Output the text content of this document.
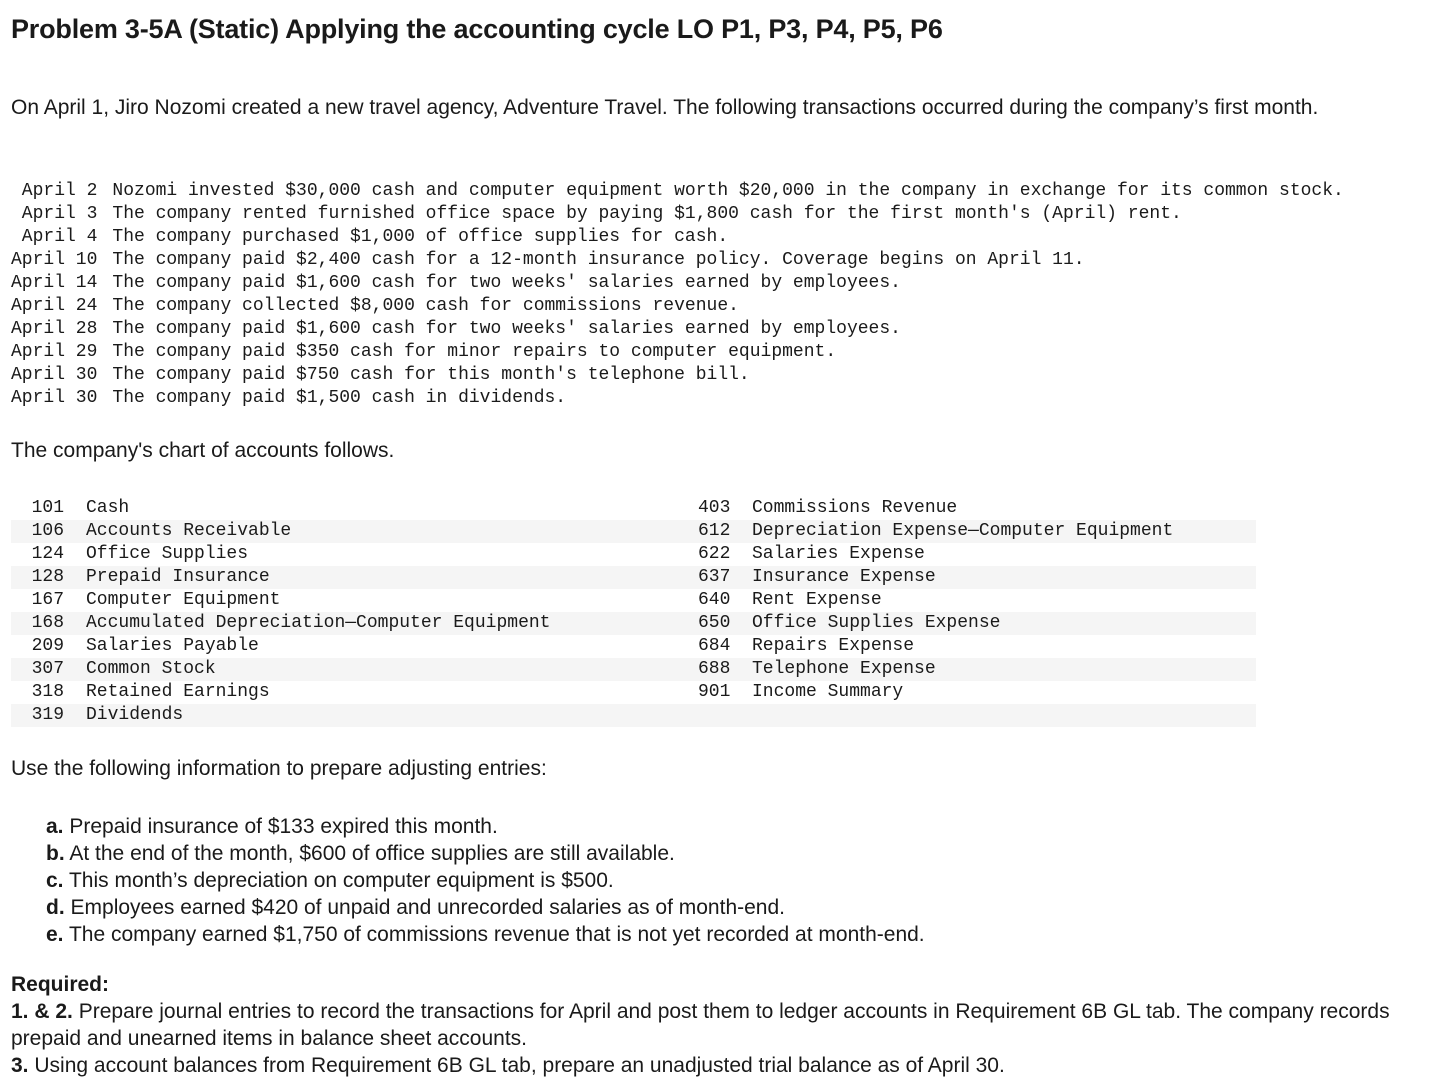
Problem 3-5A (Static) Applying the accounting cycle LO P1, P3, P4, P5, P6

On April 1, Jiro Nozomi created a new travel agency, Adventure Travel. The following transactions occurred during the company’s first month.

April 2	Nozomi invested $30,000 cash and computer equipment worth $20,000 in the company in exchange for its common stock.
April 3	The company rented furnished office space by paying $1,800 cash for the first month's (April) rent.
April 4	The company purchased $1,000 of office supplies for cash.
April 10	The company paid $2,400 cash for a 12-month insurance policy. Coverage begins on April 11.
April 14	The company paid $1,600 cash for two weeks' salaries earned by employees.
April 24	The company collected $8,000 cash for commissions revenue.
April 28	The company paid $1,600 cash for two weeks' salaries earned by employees.
April 29	The company paid $350 cash for minor repairs to computer equipment.
April 30	The company paid $750 cash for this month's telephone bill.
April 30	The company paid $1,500 cash in dividends.

The company's chart of accounts follows.

101	Cash	403	Commissions Revenue
106	Accounts Receivable	612	Depreciation Expense—Computer Equipment
124	Office Supplies	622	Salaries Expense
128	Prepaid Insurance	637	Insurance Expense
167	Computer Equipment	640	Rent Expense
168	Accumulated Depreciation—Computer Equipment	650	Office Supplies Expense
209	Salaries Payable	684	Repairs Expense
307	Common Stock	688	Telephone Expense
318	Retained Earnings	901	Income Summary
319	Dividends		

Use the following information to prepare adjusting entries:

a. Prepaid insurance of $133 expired this month.
b. At the end of the month, $600 of office supplies are still available.
c. This month’s depreciation on computer equipment is $500.
d. Employees earned $420 of unpaid and unrecorded salaries as of month-end.
e. The company earned $1,750 of commissions revenue that is not yet recorded at month-end.

Required:

1. & 2. Prepare journal entries to record the transactions for April and post them to ledger accounts in Requirement 6B GL tab. The company records prepaid and unearned items in balance sheet accounts.

3. Using account balances from Requirement 6B GL tab, prepare an unadjusted trial balance as of April 30.
